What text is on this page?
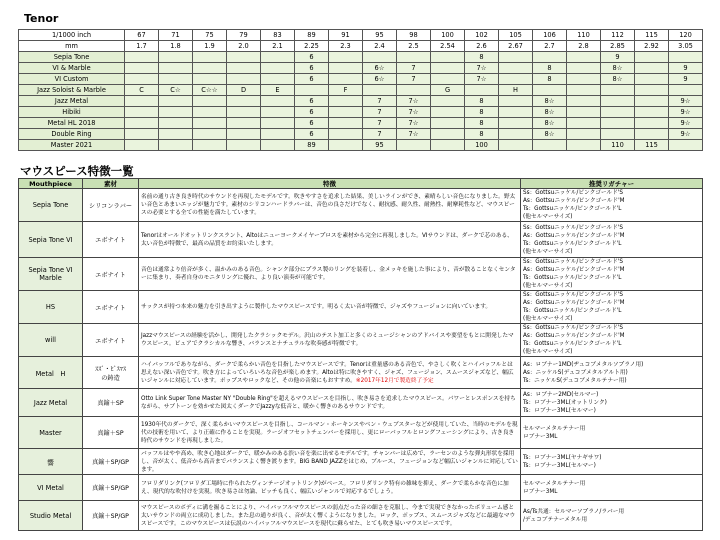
Tenor
1/1000 inch	67	71	75	79	83	89	91	95	98	100	102	105	106	110	112	115	120
mm	1.7	1.8	1.9	2.0	2.1	2.25	2.3	2.4	2.5	2.54	2.6	2.67	2.7	2.8	2.85	2.92	3.05
Sepia Tone						6					8				9		
VI & Marble						6		6☆	7		7☆		8		8☆		9
VI Custom						6		6☆	7		7☆		8		8☆		9
Jazz Soloist & Marble	C	C☆	C☆☆	D	E		F			G		H					
Jazz Metal						6		7	7☆		8		8☆				9☆
Hibiki						6		7	7☆		8		8☆				9☆
Metal HL 2018						6		7	7☆		8		8☆				9☆
Double Ring						6		7	7☆		8		8☆				9☆
Master 2021						89		95			100				110	115	
マウスピース特徴一覧
Mouthpiece	素材	特徴	推奨リガチャー
Sepia Tone	シリコンラバー	名前の通り古き良き時代のサウンドを再現したモデルです。吹きやすさを追求した結果、美しいラインができ、素晴らしい音色になりました。野太い音色とあまいエッジが魅力です。素材のシリコンハードラバーは、音色の良さだけでなく、耐抗感、耐久性、耐熱性、耐摩耗性など、マウスピースの必要とする全ての性能を満たしています。	Ss：Gottsuニッケル/ピンクゴールド'S
As：Gottsuニッケル/ピンクゴールド'M
Ts：Gottsuニッケル/ピンクゴールド'L
(他セルマーサイズ)
Sepia Tone VI	エボナイト	Tenorはオールドオットリンクスラント、Altoはニューヨークメイヤープロスを素材から完全に再現しました。VIサウンドは、ダークで芯のある、太い音色が特徴で、最高の品質をお約束いたします。	Ss：Gottsuニッケル/ピンクゴールド'S
As：Gottsuニッケル/ピンクゴールド'M
Ts：Gottsuニッケル/ピンクゴールド'L
(他セルマーサイズ)
Sepia Tone VI Marble	エボナイト	音色は通常より倍音が多く、温かみのある音色。シャンク部分にプラス製のリングを装着し、金メッキを施した事により、音が散ることなくセンターに集まり、奏者自身のモニタリングに優れ、より良い演奏が可能です。	Ss：Gottsuニッケル/ピンクゴールド'S
As：Gottsuニッケル/ピンクゴールド'M
Ts：Gottsuニッケル/ピンクゴールド'L
(他セルマーサイズ)
HS	エボナイト	サックスが持つ本来の魅力を引き出すように製作したマウスピースです。明るく太い音が特徴で、ジャズやフュージョンに向いています。	Ss：Gottsuニッケル/ピンクゴールド'S
As：Gottsuニッケル/ピンクゴールド'M
Ts：Gottsuニッケル/ピンクゴールド'L
(他セルマーサイズ)
will	エボナイト	Jazzマウスピースの経験を活かし、開発したクラシックモデル。沢山のテスト加工と多くのミュージシャンのアドバイスや要望をもとに開発したマウスピース。ピュアでクラシカルな響き、バランスとナチュラルな吹奏感が特徴です。	Ss：Gottsuニッケル/ピンクゴールド'S
As：Gottsuニッケル/ピンクゴールド'M
Ts：Gottsuニッケル/ピンクゴールド'L
(他セルマーサイズ)
Metal　H	ｽｽﾞ・ﾋﾞｽﾏｽ
の鋳造	ハイバッフルでありながら、ダークで柔らかい音色を目指したマウスピースです。Tenorは重量感のある音色で、やさしく吹くとハイバッフルとは思えない深い音色です。吹き方によっていろいろな音色が楽しめます。Altoは特に吹きやすく、ジャズ、フュージョン、スムースジャズなど、幅広いジャンルに対応しています。ポップスやロックなど、その他の音楽にもおすすめ。※2017年12月で製造終了予定	As：ロブナー1MD(ヂュコブメタルソプラノ用)
As：ニッケルS(デュコブメタルアルト用)
Ts：ニッケルS(デュコブメタルテナー用)
Jazz Metal	真鍮＋SP	Otto Link Super Tone Master NY "Double Ring"を超えるマウスピースを目指し、吹き易さを追求したマウスピース。パワーとレスポンスを持ちながら、サブトーンを効かせた図太くダークでJazzyな低音と、暖かく響きのあるサウンドです。	As：ロブナー2MD(セルマー)
Ts：ロブナー3ML(オットリンク)
Ts：ロブナー3ML(セルマー)
Master	真鍮＋SP	1930年代のダークで、深く柔らかいマウスピースを目指し、コールマン・ホーキンスやベン・ウェブスターなどが使用していた、当時のモデルを現代の技術を用いて、より正確に作ることを実現。ラージオフセットチェンバーを採用し、更にローバッフルとロングフェーシングにより、古き良き時代のサウンドを再現しました。	セルマーメタルテナー用
ロブナー3ML
響	真鍮＋SP/GP	バッフルはやや高め、吹き心地はダークで、暖かみのある渋い音を楽に出せるモデルです。チャンバーは広めで、ラーセンのような弾丸形状を採用し、音が太く、低音から高音までバランスよく響き渡ります。BIG BAND JAZZをはじめ、ブルース、フュージョンなど幅広いジャンルに対応しています。	Ts：ロブナー3ML(ヤナギサワ)
Ts：ロブナー3ML(セルマー)
VI Metal	真鍮＋SP/GP	フロリダリンク(フロリダ工場時に作られたヴィンテージオットリンク)がベース。フロリダリンク特有の雑味を抑え、ダークで柔らかな音色に加え、現代的な吹付けを実現。吹き易さは勿論、ピッチも良く、幅広いジャンルで対応するでしょう。	セルマーメタルテナー用
ロブナー3ML
Studio Metal	真鍮＋SP/GP	マウスピースのボディに溝を掘ることにより、ハイバッフルマウスピースの弱点だった音の細さを克服し、今まで実現できなかったボリューム感と太いサウンドの両立に成功しました。また息の通りが良く、音が太く響くようになりました。ロック、ポップス、スムースジャズなどに最適なマウスピースです。このマウスピースは伝説のハイバッフルマウスピースを現代に蘇らせた、とても吹き易いマウスピースです。	As/Ts共通：セルマーソプラノ/ラバー用
/デュコブテナーメタル用
